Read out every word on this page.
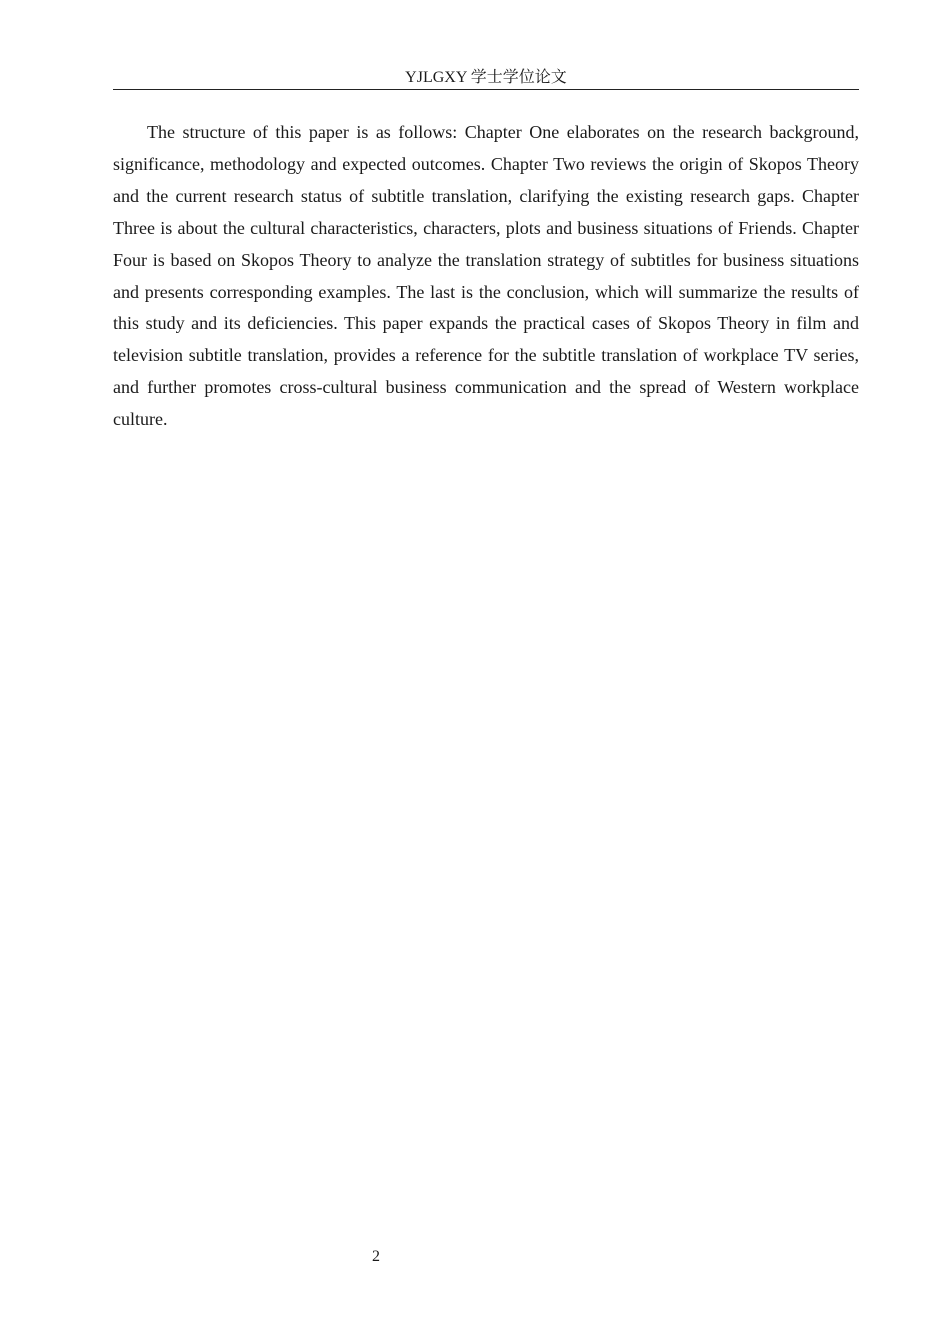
YJLGXY 学士学位论文

The structure of this paper is as follows: Chapter One elaborates on the research background, significance, methodology and expected outcomes. Chapter Two reviews the origin of Skopos Theory and the current research status of subtitle translation, clarifying the existing research gaps. Chapter Three is about the cultural characteristics, characters, plots and business situations of Friends. Chapter Four is based on Skopos Theory to analyze the translation strategy of subtitles for business situations and presents corresponding examples. The last is the conclusion, which will summarize the results of this study and its deficiencies. This paper expands the practical cases of Skopos Theory in film and television subtitle translation, provides a reference for the subtitle translation of workplace TV series, and further promotes cross-cultural business communication and the spread of Western workplace culture.

2
